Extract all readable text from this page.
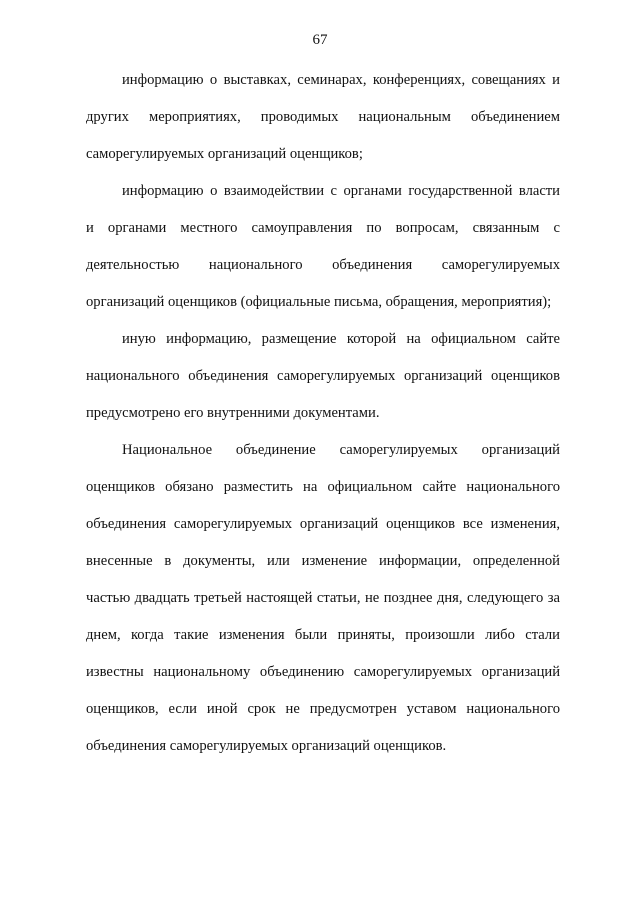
67
информацию о выставках, семинарах, конференциях, совещаниях и
других мероприятиях, проводимых национальным объединением
саморегулируемых организаций оценщиков;
информацию о взаимодействии с органами государственной власти
и органами местного самоуправления по вопросам, связанным с
деятельностью национального объединения саморегулируемых
организаций оценщиков (официальные письма, обращения, мероприятия);
иную информацию, размещение которой на официальном сайте
национального объединения саморегулируемых организаций оценщиков
предусмотрено его внутренними документами.
Национальное объединение саморегулируемых организаций
оценщиков обязано разместить на официальном сайте национального
объединения саморегулируемых организаций оценщиков все изменения,
внесенные в документы, или изменение информации, определенной
частью двадцать третьей настоящей статьи, не позднее дня, следующего за
днем, когда такие изменения были приняты, произошли либо стали
известны национальному объединению саморегулируемых организаций
оценщиков, если иной срок не предусмотрен уставом национального
объединения саморегулируемых организаций оценщиков.
